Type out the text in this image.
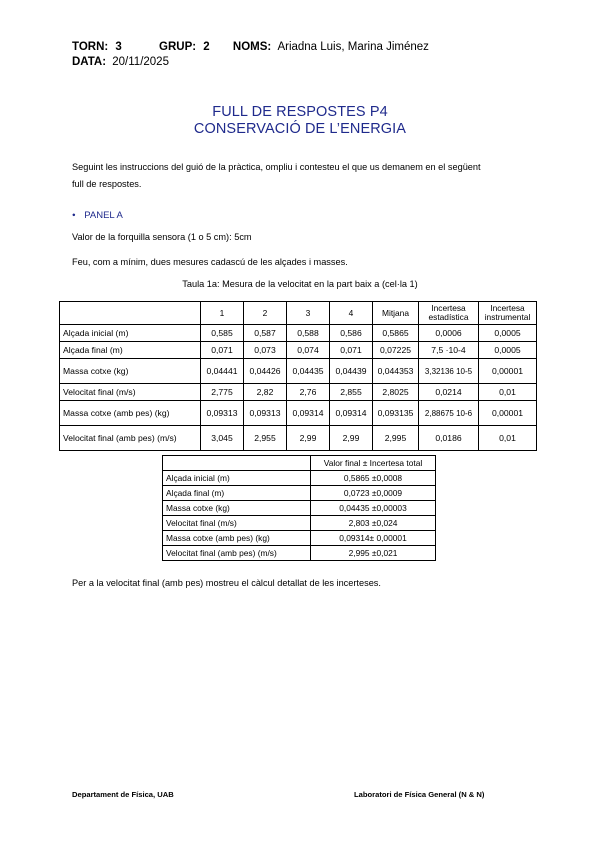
TORN: 3	GRUP: 2 NOMS: Ariadna Luis, Marina Jiménez
DATA: 20/11/2025
FULL DE RESPOSTES P4
CONSERVACIÓ DE L’ENERGIA
Seguint les instruccions del guió de la pràctica, ompliu i contesteu el que us demanem en el següent
full de respostes.
● PANEL A
Valor de la forquilla sensora (1 o 5 cm): 5cm
Feu, com a mínim, dues mesures cadascú de les alçades i masses.
Taula 1a: Mesura de la velocitat en la part baix a (cel·la 1)
	1	2	3	4	Mitjana	Incertesa estadística	Incertesa instrumental
Alçada inicial (m)	0,585	0,587	0,588	0,586	0,5865	0,0006	0,0005
Alçada final (m)	0,071	0,073	0,074	0,071	0,07225	7,5 ·10-4	0,0005
Massa cotxe (kg)	0,04441	0,04426	0,04435	0,04439	0,044353	3,32136 10-5	0,00001
Velocitat final (m/s)	2,775	2,82	2,76	2,855	2,8025	0,0214	0,01
Massa cotxe (amb pes) (kg)	0,09313	0,09313	0,09314	0,09314	0,093135	2,88675 10-6	0,00001
Velocitat final (amb pes) (m/s)	3,045	2,955	2,99	2,99	2,995	0,0186	0,01
	Valor final ± Incertesa total
Alçada inicial (m)	0,5865 ±0,0008
Alçada final (m)	0,0723 ±0,0009
Massa cotxe (kg)	0,04435 ±0,00003
Velocitat final (m/s)	2,803 ±0,024
Massa cotxe (amb pes) (kg)	0,09314± 0,00001
Velocitat final (amb pes) (m/s)	2,995 ±0,021
Per a la velocitat final (amb pes) mostreu el càlcul detallat de les incerteses.
Departament de Física, UAB	Laboratori de Física General (N & N)
